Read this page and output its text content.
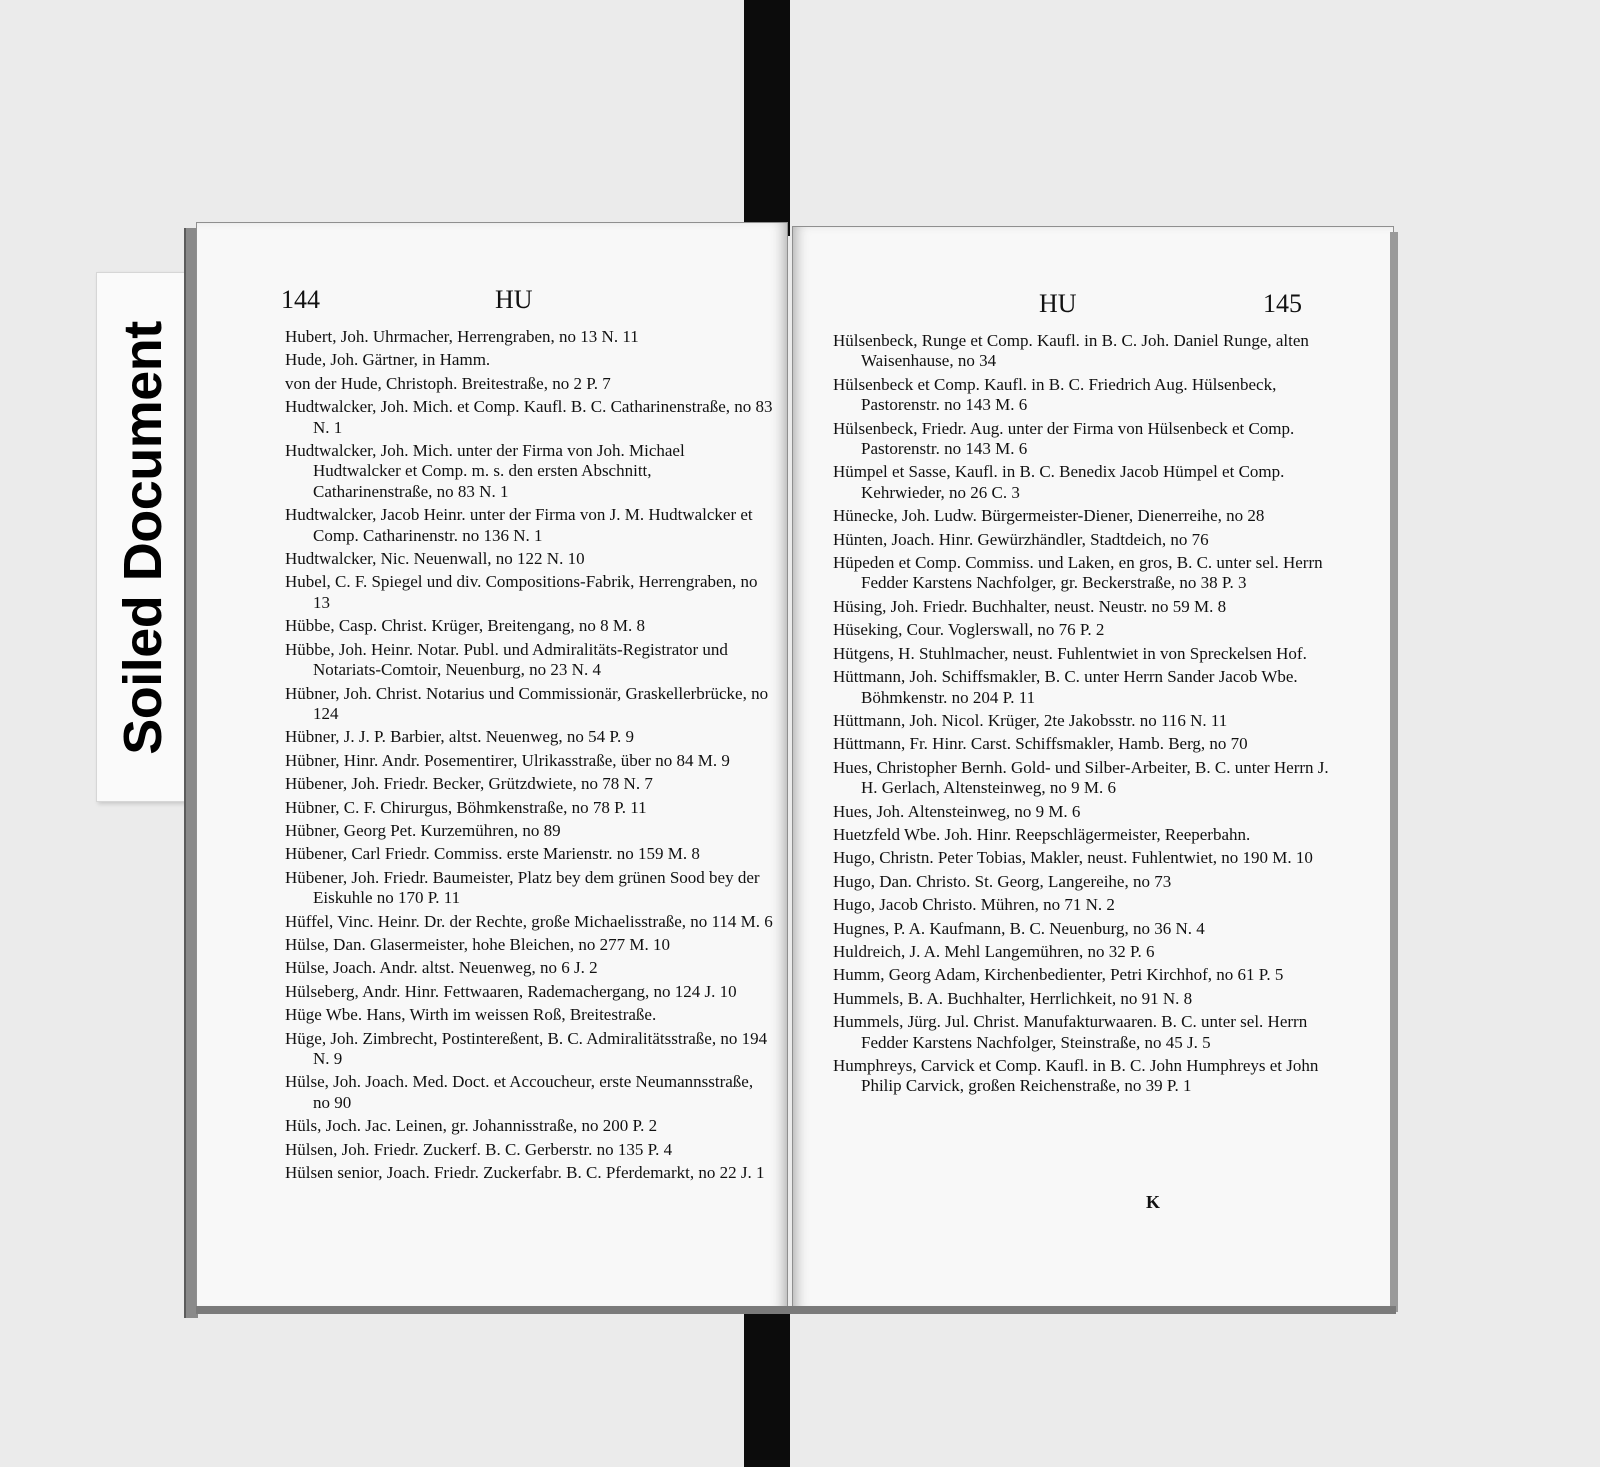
Soiled Document
144	HU
Hubert, Joh. Uhrmacher, Herrengraben, no 13 N. 11
Hude, Joh. Gärtner, in Hamm.
von der Hude, Christoph. Breitestraße, no 2 P. 7
Hudtwalcker, Joh. Mich. et Comp. Kaufl. B. C. Catharinenstraße, no 83 N. 1
Hudtwalcker, Joh. Mich. unter der Firma von Joh. Michael Hudtwalcker et Comp. m. s. den ersten Abschnitt, Catharinenstraße, no 83 N. 1
Hudtwalcker, Jacob Heinr. unter der Firma von J. M. Hudtwalcker et Comp. Catharinenstr. no 136 N. 1
Hudtwalcker, Nic. Neuenwall, no 122 N. 10
Hubel, C. F. Spiegel und div. Compositions-Fabrik, Herrengraben, no 13
Hübbe, Casp. Christ. Krüger, Breitengang, no 8 M. 8
Hübbe, Joh. Heinr. Notar. Publ. und Admiralitäts-Registrator und Notariats-Comtoir, Neuenburg, no 23 N. 4
Hübner, Joh. Christ. Notarius und Commissionär, Graskellerbrücke, no 124
Hübner, J. J. P. Barbier, altst. Neuenweg, no 54 P. 9
Hübner, Hinr. Andr. Posementirer, Ulrikasstraße, über no 84 M. 9
Hübener, Joh. Friedr. Becker, Grützdwiete, no 78 N. 7
Hübner, C. F. Chirurgus, Böhmkenstraße, no 78 P. 11
Hübner, Georg Pet. Kurzemühren, no 89
Hübener, Carl Friedr. Commiss. erste Marienstr. no 159 M. 8
Hübener, Joh. Friedr. Baumeister, Platz bey dem grünen Sood bey der Eiskuhle no 170 P. 11
Hüffel, Vinc. Heinr. Dr. der Rechte, große Michaelisstraße, no 114 M. 6
Hülse, Dan. Glasermeister, hohe Bleichen, no 277 M. 10
Hülse, Joach. Andr. altst. Neuenweg, no 6 J. 2
Hülseberg, Andr. Hinr. Fettwaaren, Rademachergang, no 124 J. 10
Hüge Wbe. Hans, Wirth im weissen Roß, Breitestraße.
Hüge, Joh. Zimbrecht, Postintereßent, B. C. Admiralitätsstraße, no 194 N. 9
Hülse, Joh. Joach. Med. Doct. et Accoucheur, erste Neumannsstraße, no 90
Hüls, Joch. Jac. Leinen, gr. Johannisstraße, no 200 P. 2
Hülsen, Joh. Friedr. Zuckerf. B. C. Gerberstr. no 135 P. 4
Hülsen senior, Joach. Friedr. Zuckerfabr. B. C. Pferdemarkt, no 22 J. 1
HU	145
Hülsenbeck, Runge et Comp. Kaufl. in B. C. Joh. Daniel Runge, alten Waisenhause, no 34
Hülsenbeck et Comp. Kaufl. in B. C. Friedrich Aug. Hülsenbeck, Pastorenstr. no 143 M. 6
Hülsenbeck, Friedr. Aug. unter der Firma von Hülsenbeck et Comp. Pastorenstr. no 143 M. 6
Hümpel et Sasse, Kaufl. in B. C. Benedix Jacob Hümpel et Comp. Kehrwieder, no 26 C. 3
Hünecke, Joh. Ludw. Bürgermeister-Diener, Dienerreihe, no 28
Hünten, Joach. Hinr. Gewürzhändler, Stadtdeich, no 76
Hüpeden et Comp. Commiss. und Laken, en gros, B. C. unter sel. Herrn Fedder Karstens Nachfolger, gr. Beckerstraße, no 38 P. 3
Hüsing, Joh. Friedr. Buchhalter, neust. Neustr. no 59 M. 8
Hüseking, Cour. Voglerswall, no 76 P. 2
Hütgens, H. Stuhlmacher, neust. Fuhlentwiet in von Spreckelsen Hof.
Hüttmann, Joh. Schiffsmakler, B. C. unter Herrn Sander Jacob Wbe. Böhmkenstr. no 204 P. 11
Hüttmann, Joh. Nicol. Krüger, 2te Jakobsstr. no 116 N. 11
Hüttmann, Fr. Hinr. Carst. Schiffsmakler, Hamb. Berg, no 70
Hues, Christopher Bernh. Gold- und Silber-Arbeiter, B. C. unter Herrn J. H. Gerlach, Altensteinweg, no 9 M. 6
Hues, Joh. Altensteinweg, no 9 M. 6
Huetzfeld Wbe. Joh. Hinr. Reepschlägermeister, Reeperbahn.
Hugo, Christn. Peter Tobias, Makler, neust. Fuhlentwiet, no 190 M. 10
Hugo, Dan. Christo. St. Georg, Langereihe, no 73
Hugo, Jacob Christo. Mühren, no 71 N. 2
Hugnes, P. A. Kaufmann, B. C. Neuenburg, no 36 N. 4
Huldreich, J. A. Mehl Langemühren, no 32 P. 6
Humm, Georg Adam, Kirchenbedienter, Petri Kirchhof, no 61 P. 5
Hummels, B. A. Buchhalter, Herrlichkeit, no 91 N. 8
Hummels, Jürg. Jul. Christ. Manufakturwaaren. B. C. unter sel. Herrn Fedder Karstens Nachfolger, Steinstraße, no 45 J. 5
Humphreys, Carvick et Comp. Kaufl. in B. C. John Humphreys et John Philip Carvick, großen Reichenstraße, no 39 P. 1
K
